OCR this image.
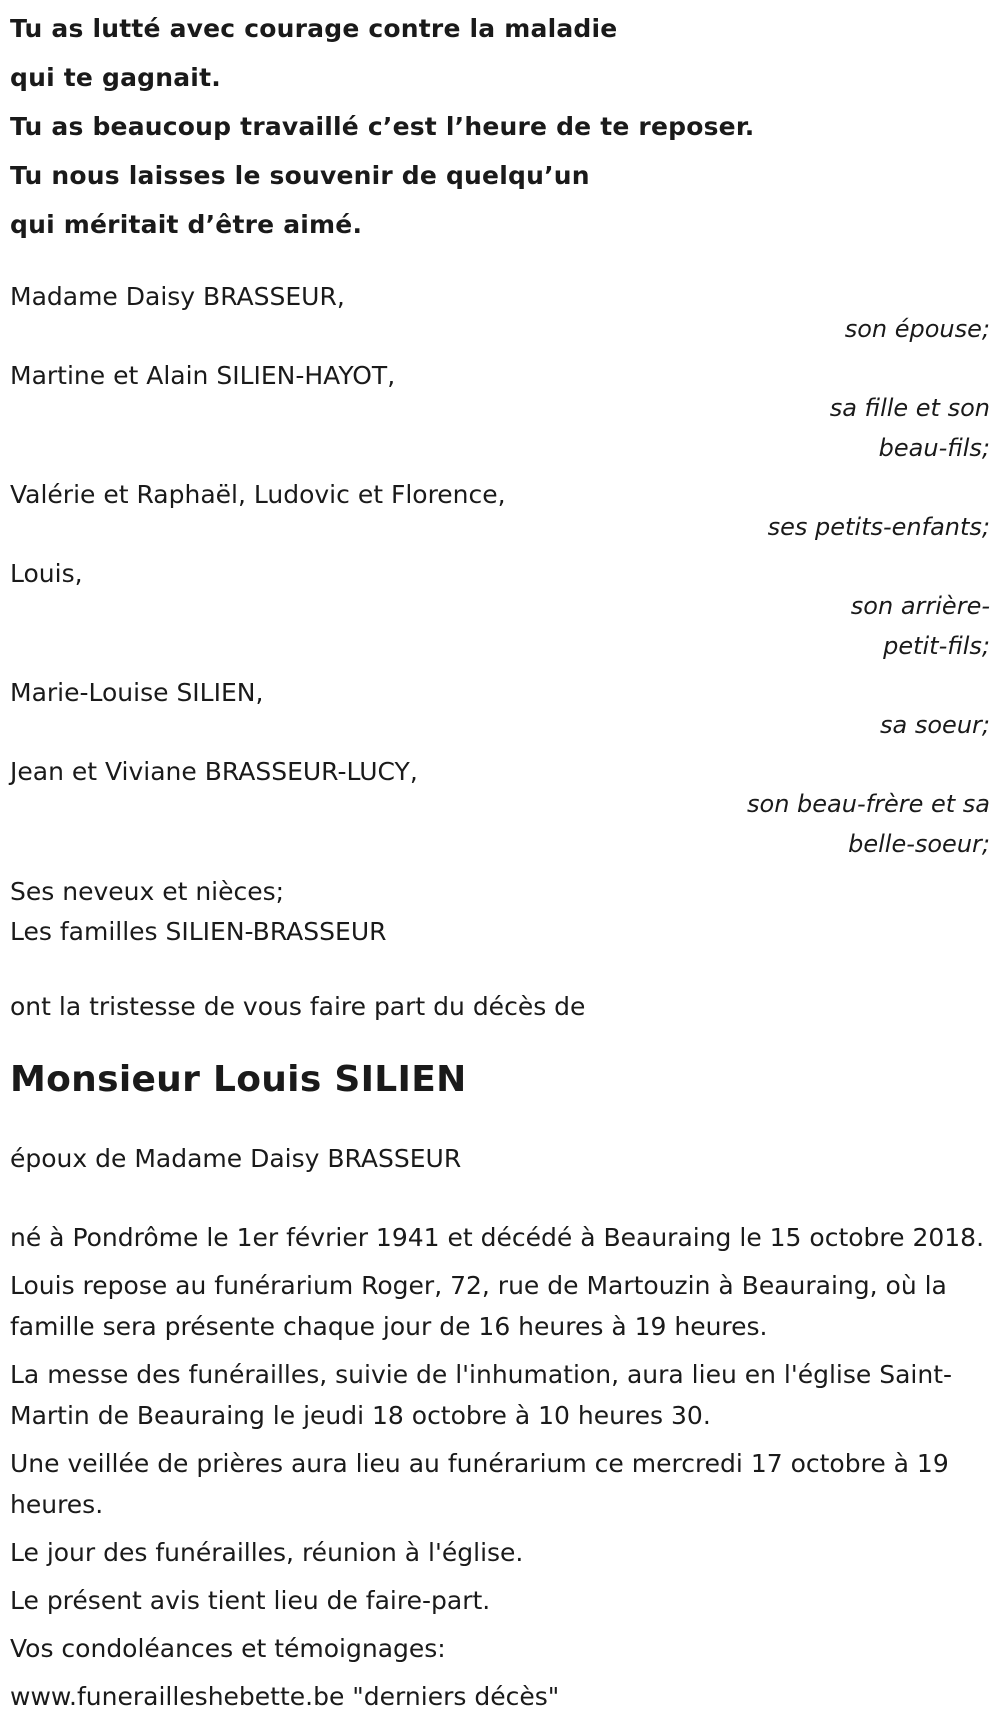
Tu as lutté avec courage contre la maladie
qui te gagnait.
Tu as beaucoup travaillé c’est l’heure de te reposer.
Tu nous laisses le souvenir de quelqu’un
qui méritait d’être aimé.
Madame Daisy BRASSEUR,
son épouse;
Martine et Alain SILIEN-HAYOT,
sa fille et son
beau-fils;
Valérie et Raphaël, Ludovic et Florence,
ses petits-enfants;
Louis,
son arrière-
petit-fils;
Marie-Louise SILIEN,
sa soeur;
Jean et Viviane BRASSEUR-LUCY,
son beau-frère et sa
belle-soeur;
Ses neveux et nièces;
Les familles SILIEN-BRASSEUR
ont la tristesse de vous faire part du décès de
Monsieur Louis SILIEN
époux de Madame Daisy BRASSEUR

né à Pondrôme le 1er février 1941 et décédé à Beauraing le 15 octobre 2018.

Louis repose au funérarium Roger, 72, rue de Martouzin à Beauraing, où la famille sera présente chaque jour de 16 heures à 19 heures.

La messe des funérailles, suivie de l'inhumation, aura lieu en l'église Saint-Martin de Beauraing le jeudi 18 octobre à 10 heures 30.

Une veillée de prières aura lieu au funérarium ce mercredi 17 octobre à 19 heures.

Le jour des funérailles, réunion à l'église.

Le présent avis tient lieu de faire-part.

Vos condoléances et témoignages:

www.funerailleshebette.be "derniers décès"
